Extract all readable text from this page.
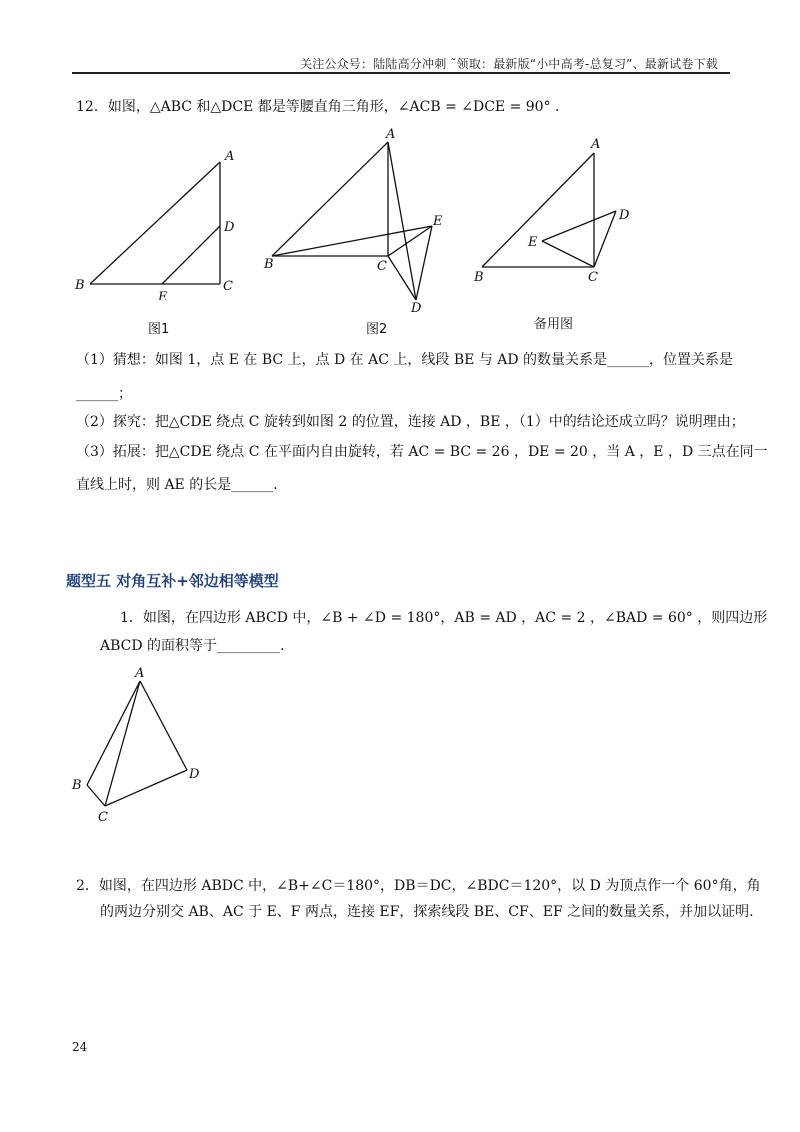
关注公众号：陆陆高分冲刺 ˜领取：最新版“小中高考-总复习”、最新试卷下载
12．如图，△ABC 和△DCE 都是等腰直角三角形，∠ACB = ∠DCE = 90° .
A
B	C
D
E
图1
A
B	C
E
D
图2
A
B	C
D
E
备用图
（1）猜想：如图 1，点 E 在 BC 上，点 D 在 AC 上，线段 BE 与 AD 的数量关系是______，位置关系是
______；
（2）探究：把△CDE 绕点 C 旋转到如图 2 的位置，连接 AD ，BE ，（1）中的结论还成立吗？说明理由；
（3）拓展：把△CDE 绕点 C 在平面内自由旋转，若 AC = BC = 26 ，DE = 20 ，当 A ，E ，D 三点在同一
直线上时，则 AE 的长是______.
题型五 对角互补+邻边相等模型
1．如图，在四边形 ABCD 中，∠B + ∠D = 180°，AB = AD ，AC = 2 ，∠BAD = 60° ，则四边形
ABCD 的面积等于_________.
A
B
C
D
2．如图，在四边形 ABDC 中，∠B+∠C＝180°，DB＝DC，∠BDC＝120°，以 D 为顶点作一个 60°角，角
的两边分别交 AB、AC 于 E、F 两点，连接 EF，探索线段 BE、CF、EF 之间的数量关系，并加以证明.
24
